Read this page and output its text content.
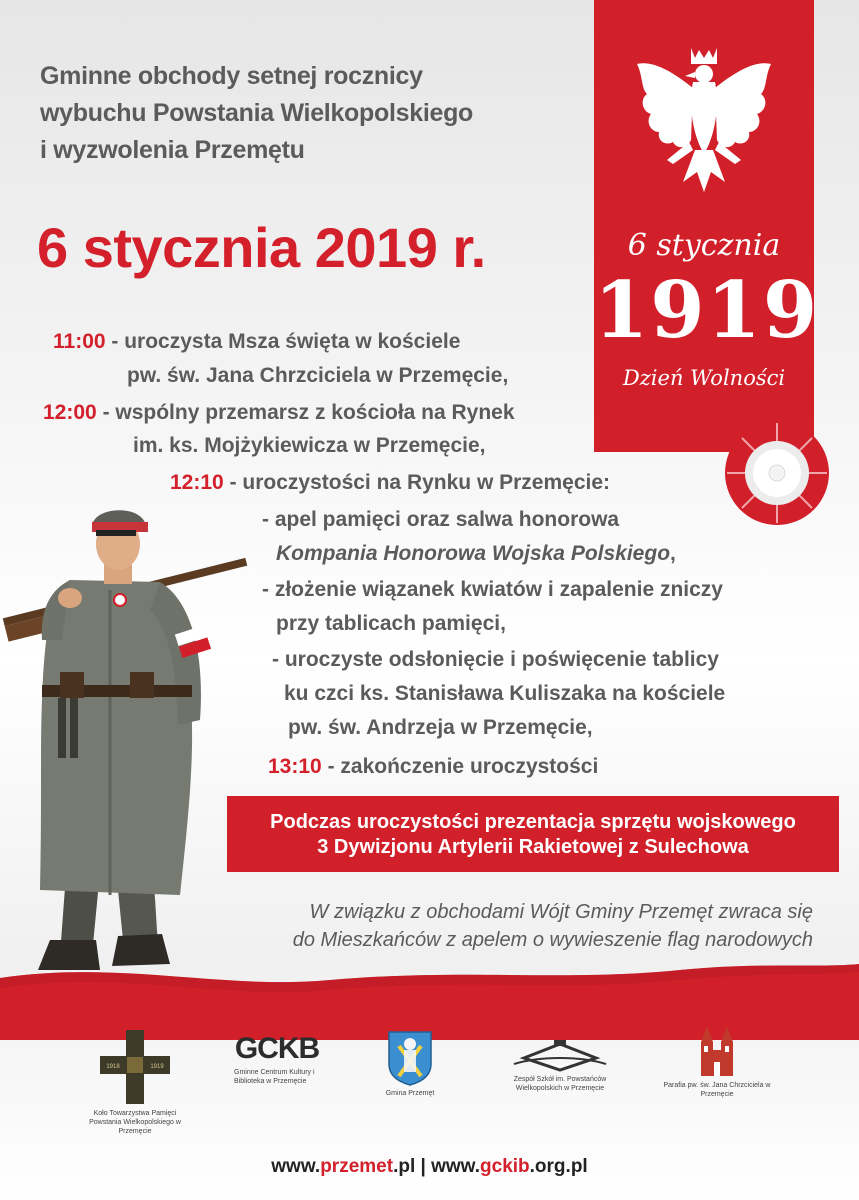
Gminne obchody setnej rocznicy
wybuchu Powstania Wielkopolskiego
i wyzwolenia Przemętu
6 stycznia 2019 r.	6 stycznia
1919
Dzień Wolności
11:00 - uroczysta Msza święta w kościele
pw. św. Jana Chrzciciela w Przemęcie,
12:00 - wspólny przemarsz z kościoła na Rynek
im. ks. Mojżykiewicza w Przemęcie,
12:10 - uroczystości na Rynku w Przemęcie:
- apel pamięci oraz salwa honorowa
Kompania Honorowa Wojska Polskiego,
- złożenie wiązanek kwiatów i zapalenie zniczy
przy tablicach pamięci,
- uroczyste odsłonięcie i poświęcenie tablicy
ku czci ks. Stanisława Kuliszaka na kościele
pw. św. Andrzeja w Przemęcie,
13:10 - zakończenie uroczystości
Podczas uroczystości prezentacja sprzętu wojskowego
3 Dywizjonu Artylerii Rakietowej z Sulechowa
W związku z obchodami Wójt Gminy Przemęt zwraca się
do Mieszkańców z apelem o wywieszenie flag narodowych
1918	1919
Koło Towarzystwa Pamięci Powstania Wielkopolskiego w Przemęcie
GCKB
Gminne Centrum Kultury i Biblioteka w Przemęcie
Gmina Przemęt
Zespół Szkół im. Powstańców Wielkopolskich w Przemęcie	Parafia pw. św. Jana Chrzciciela w Przemęcie
www.przemet.pl | www.gckib.org.pl
